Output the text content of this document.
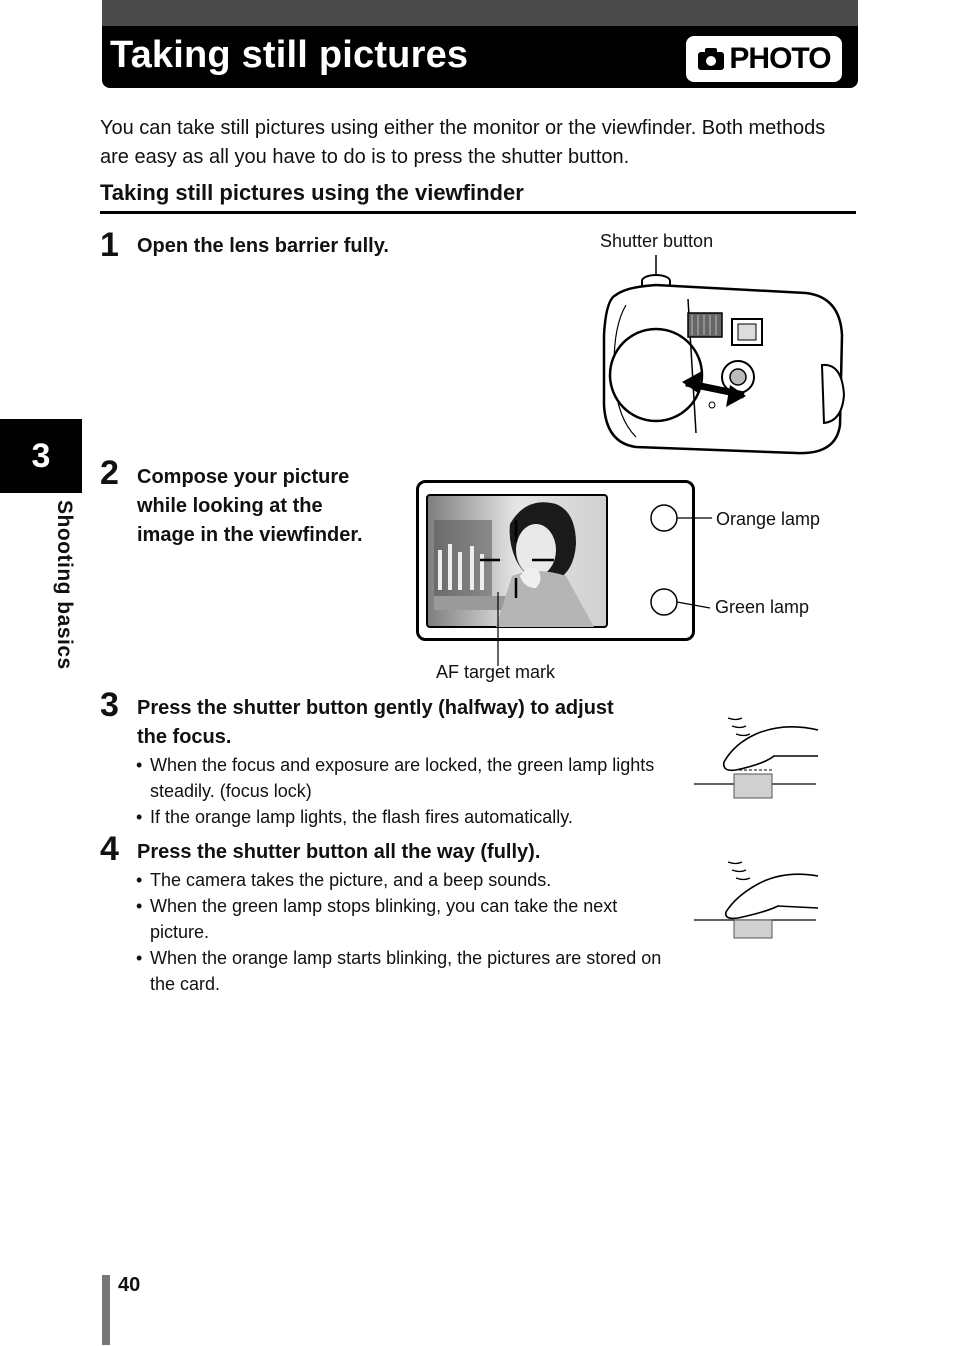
Taking still pictures	PHOTO
You can take still pictures using either the monitor or the viewfinder. Both methods are easy as all you have to do is to press the shutter button.
Taking still pictures using the viewfinder
3
Shooting basics
1 Open the lens barrier fully.	Shutter button
2 Compose your picture
while looking at the
image in the viewfinder.
Orange lamp
Green lamp
AF target mark
3 Press the shutter button gently (halfway) to adjust
the focus.
• When the focus and exposure are locked, the green lamp lights steadily. (focus lock)
• If the orange lamp lights, the flash fires automatically.
4 Press the shutter button all the way (fully).
• The camera takes the picture, and a beep sounds.
• When the green lamp stops blinking, you can take the next picture.
• When the orange lamp starts blinking, the pictures are stored on the card.
40
